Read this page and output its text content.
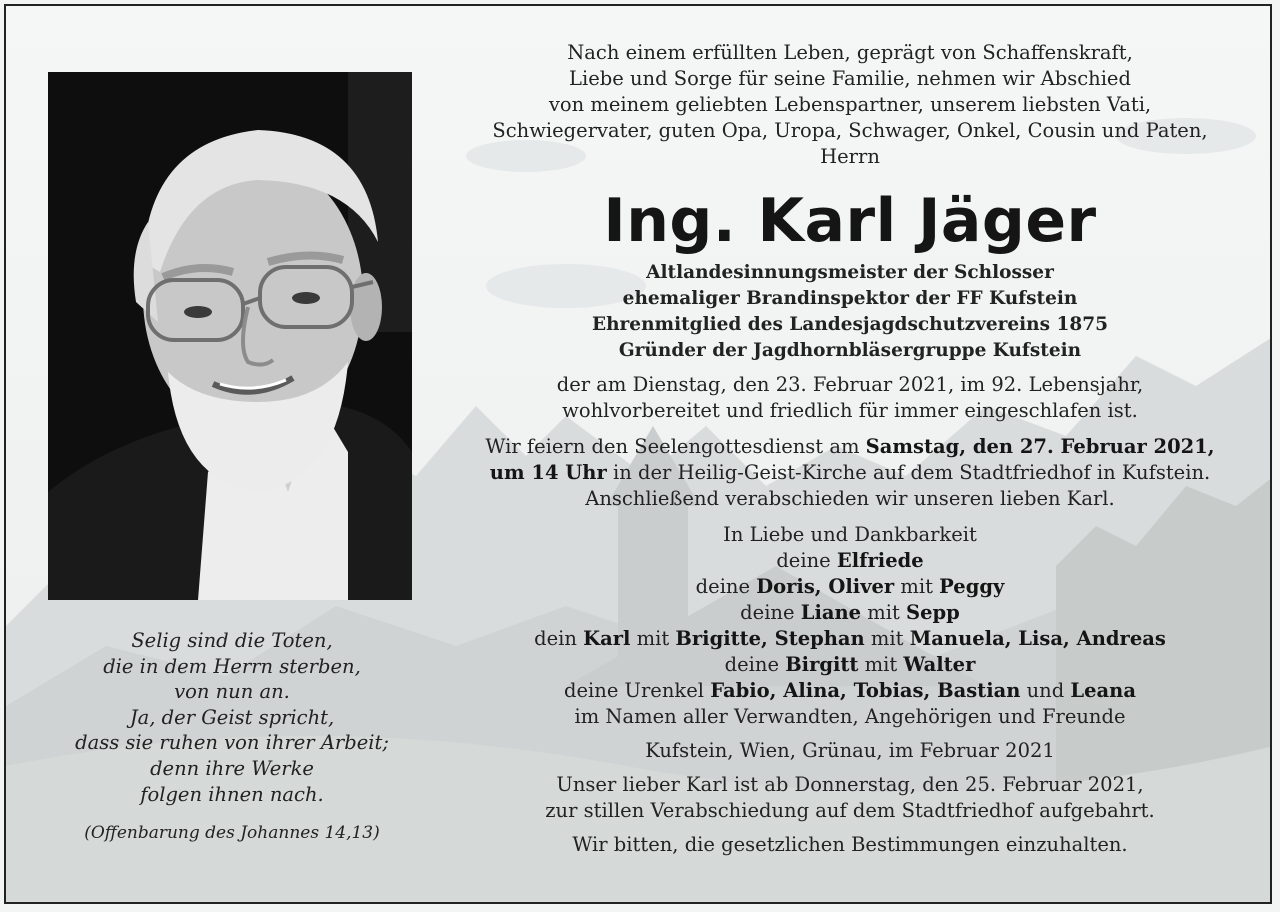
Selig sind die Toten,
die in dem Herrn sterben,
von nun an.
Ja, der Geist spricht,
dass sie ruhen von ihrer Arbeit;
denn ihre Werke
folgen ihnen nach.
(Offenbarung des Johannes 14,13)
Nach einem erfüllten Leben, geprägt von Schaffenskraft,
Liebe und Sorge für seine Familie, nehmen wir Abschied
von meinem geliebten Lebenspartner, unserem liebsten Vati,
Schwiegervater, guten Opa, Uropa, Schwager, Onkel, Cousin und Paten,
Herrn
Ing. Karl Jäger
Altlandesinnungsmeister der Schlosser
ehemaliger Brandinspektor der FF Kufstein
Ehrenmitglied des Landesjagdschutzvereins 1875
Gründer der Jagdhornbläsergruppe Kufstein
der am Dienstag, den 23. Februar 2021, im 92. Lebensjahr,
wohlvorbereitet und friedlich für immer eingeschlafen ist.
Wir feiern den Seelengottesdienst am Samstag, den 27. Februar 2021,
um 14 Uhr in der Heilig-Geist-Kirche auf dem Stadtfriedhof in Kufstein.
Anschließend verabschieden wir unseren lieben Karl.
In Liebe und Dankbarkeit
deine Elfriede
deine Doris, Oliver mit Peggy
deine Liane mit Sepp
dein Karl mit Brigitte, Stephan mit Manuela, Lisa, Andreas
deine Birgitt mit Walter
deine Urenkel Fabio, Alina, Tobias, Bastian und Leana
im Namen aller Verwandten, Angehörigen und Freunde
Kufstein, Wien, Grünau, im Februar 2021
Unser lieber Karl ist ab Donnerstag, den 25. Februar 2021,
zur stillen Verabschiedung auf dem Stadtfriedhof aufgebahrt.
Wir bitten, die gesetzlichen Bestimmungen einzuhalten.
